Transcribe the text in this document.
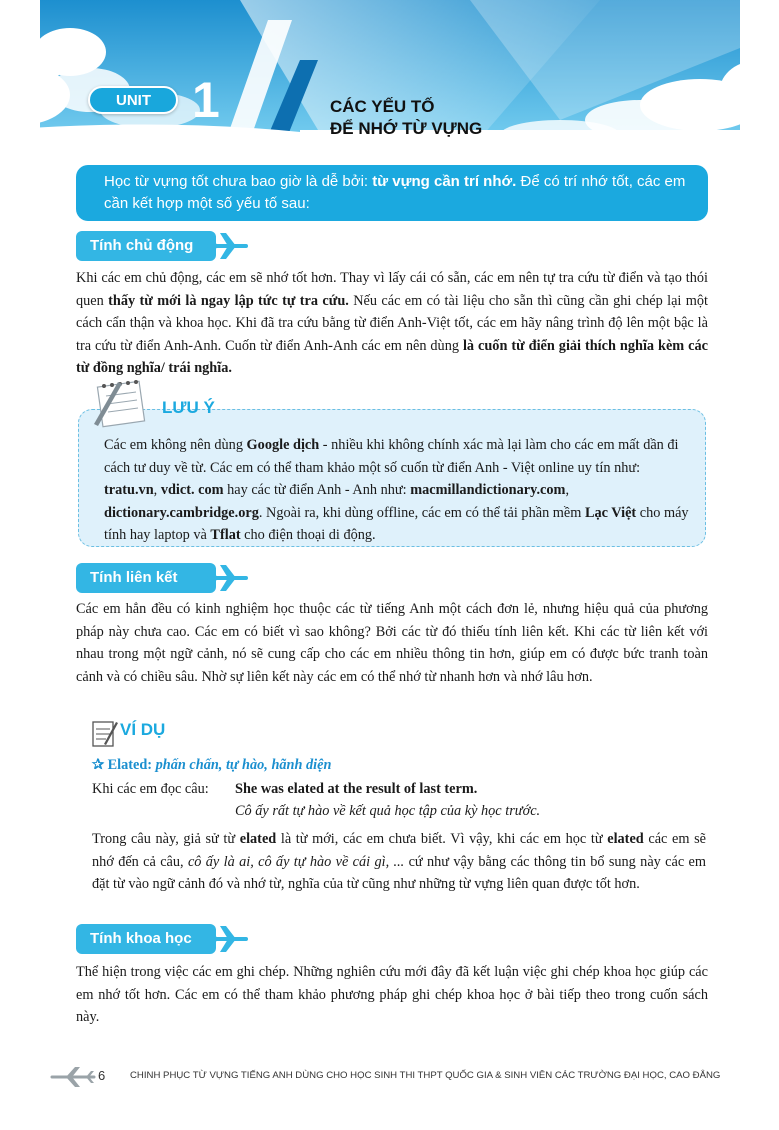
UNIT 1	CÁC YẾU TỐ
ĐỂ NHỚ TỪ VỰNG
Học từ vựng tốt chưa bao giờ là dễ bởi: từ vựng cần trí nhớ. Để có trí nhớ tốt, các em cần kết hợp một số yếu tố sau:
Tính chủ động
Khi các em chủ động, các em sẽ nhớ tốt hơn. Thay vì lấy cái có sẵn, các em nên tự tra cứu từ điển và tạo thói quen thấy từ mới là ngay lập tức tự tra cứu. Nếu các em có tài liệu cho sẵn thì cũng cần ghi chép lại một cách cẩn thận và khoa học. Khi đã tra cứu bằng từ điển Anh-Việt tốt, các em hãy nâng trình độ lên một bậc là tra cứu từ điển Anh-Anh. Cuốn từ điển Anh-Anh các em nên dùng là cuốn từ điển giải thích nghĩa kèm các từ đồng nghĩa/ trái nghĩa.
LƯU Ý
Các em không nên dùng Google dịch - nhiều khi không chính xác mà lại làm cho các em mất dần đi cách tư duy về từ. Các em có thể tham khảo một số cuốn từ điển Anh - Việt online uy tín như: tratu.vn, vdict. com hay các từ điển Anh - Anh như: macmillandictionary.com, dictionary.cambridge.org. Ngoài ra, khi dùng offline, các em có thể tải phần mềm Lạc Việt cho máy tính hay laptop và Tflat cho điện thoại di động.
Tính liên kết
Các em hẳn đều có kinh nghiệm học thuộc các từ tiếng Anh một cách đơn lẻ, nhưng hiệu quả của phương pháp này chưa cao. Các em có biết vì sao không? Bởi các từ đó thiếu tính liên kết. Khi các từ liên kết với nhau trong một ngữ cảnh, nó sẽ cung cấp cho các em nhiều thông tin hơn, giúp em có được bức tranh toàn cảnh và có chiều sâu. Nhờ sự liên kết này các em có thể nhớ từ nhanh hơn và nhớ lâu hơn.
VÍ DỤ
✰ Elated: phấn chấn, tự hào, hãnh diện
Khi các em đọc câu: She was elated at the result of last term.
Cô ấy rất tự hào về kết quả học tập của kỳ học trước.
Trong câu này, giả sử từ elated là từ mới, các em chưa biết. Vì vậy, khi các em học từ elated các em sẽ nhớ đến cả câu, cô ấy là ai, cô ấy tự hào về cái gì, ... cứ như vậy bằng các thông tin bổ sung này các em đặt từ vào ngữ cảnh đó và nhớ từ, nghĩa của từ cũng như những từ vựng liên quan được tốt hơn.
Tính khoa học
Thể hiện trong việc các em ghi chép. Những nghiên cứu mới đây đã kết luận việc ghi chép khoa học giúp các em nhớ tốt hơn. Các em có thể tham khảo phương pháp ghi chép khoa học ở bài tiếp theo trong cuốn sách này.
6	CHINH PHỤC TỪ VỰNG TIẾNG ANH DÙNG CHO HỌC SINH THI THPT QUỐC GIA & SINH VIÊN CÁC TRƯỜNG ĐẠI HỌC, CAO ĐẲNG
